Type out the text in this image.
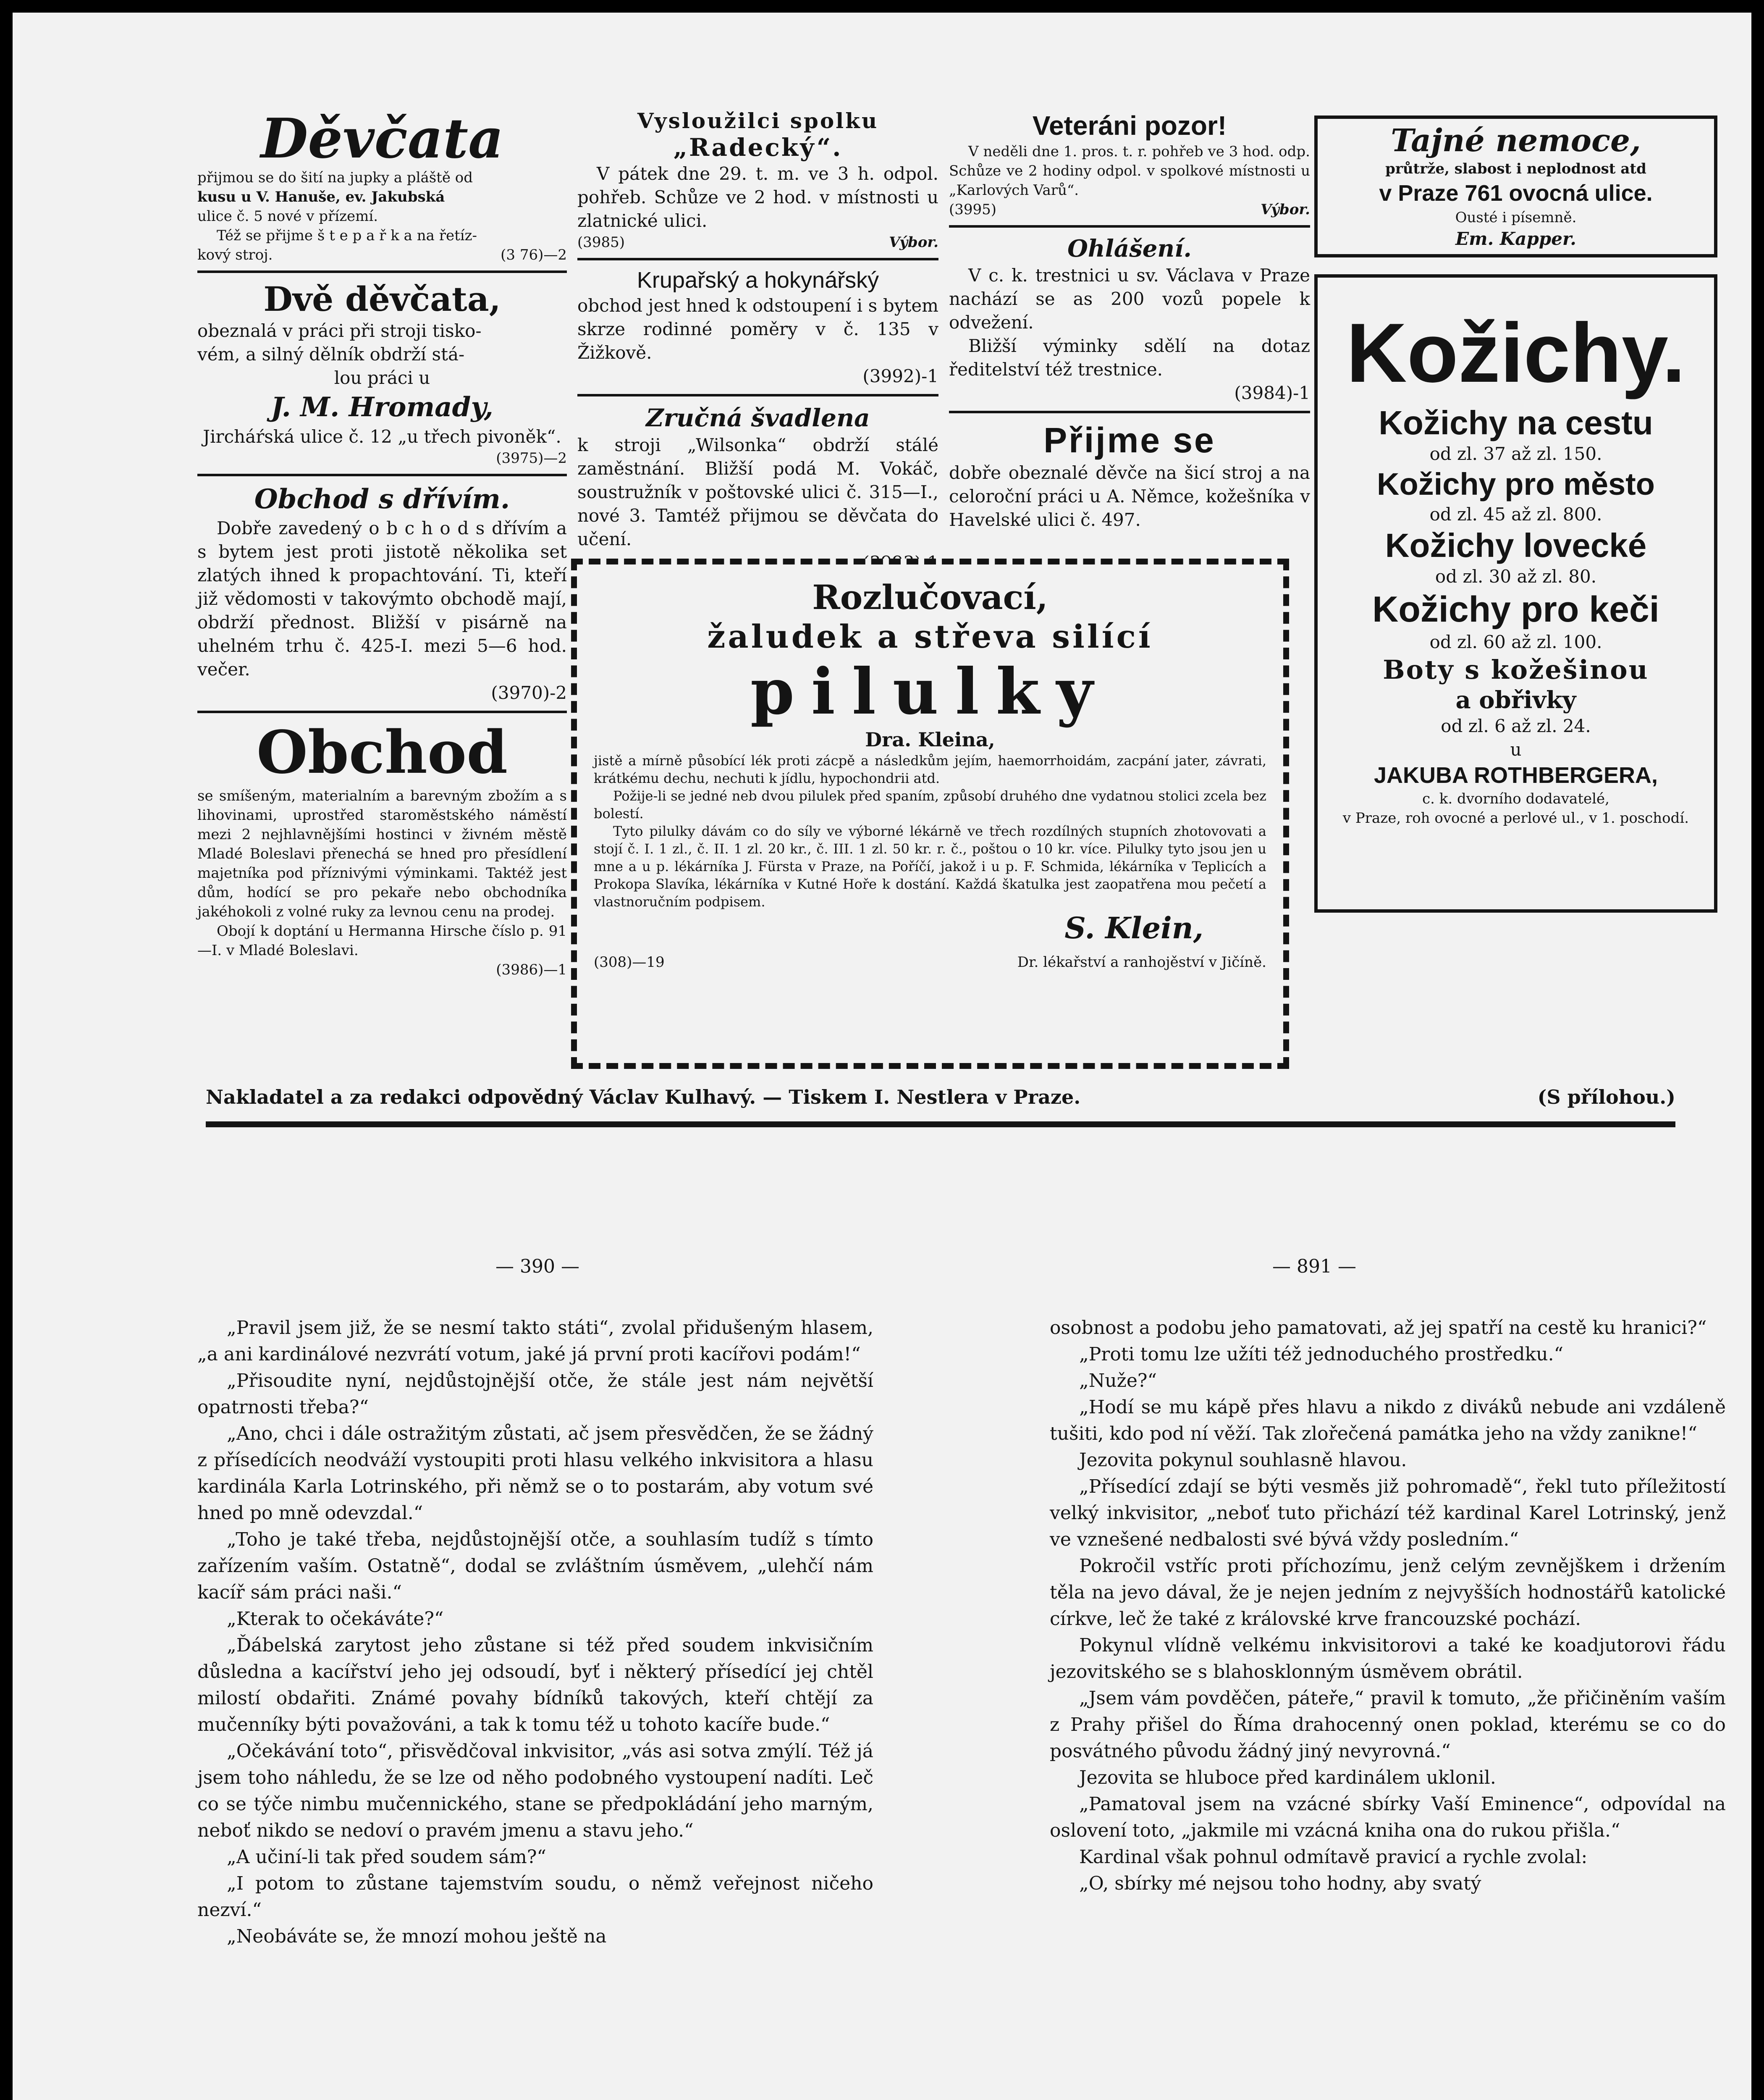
Děvčata

přijmou se do šití na jupky a pláště od

kusu u V. Hanuše, ev. Jakubská

ulice č. 5 nové v přízemí.

Též se přijme š t e p a ř k a na řetíz-

kový stroj.	(3 76)—2

Dvě děvčata,

obeznalá v práci při stroji tisko-

vém, a silný dělník obdrží stá-

lou práci u

J. M. Hromady,

Jircháŕská ulice č. 12 „u třech pivoněk“.

(3975)—2

Obchod s dřívím.

Dobře zavedený o b c h o d s dřívím a s bytem jest proti jistotě několika set zlatých ihned k propachtování. Ti, kteří již vědomosti v takovýmto obchodě mají, obdrží přednost. Bližší v pisárně na uhelném trhu č. 425-I. mezi 5—6 hod. večer.

(3970)-2

Obchod

se smíšeným, materialním a barevným zbožím a s lihovinami, uprostřed staroměstského náměstí mezi 2 nejhlavnějšími hostinci v živném městě Mladé Boleslavi přenechá se hned pro přesídlení majetníka pod příznivými výminkami. Taktéž jest dům, hodící se pro pekaře nebo obchodníka jakéhokoli z volné ruky za levnou cenu na prodej.

Obojí k doptání u Hermanna Hirsche číslo p. 91—I. v Mladé Boleslavi.

(3986)—1

Vysloužilci spolku

„Radecký“.

V pátek dne 29. t. m. ve 3 h. odpol. pohřeb. Schůze ve 2 hod. v místnosti u zlatnické ulici.

(3985)	Výbor.

Krupařský a hokynářský

obchod jest hned k odstoupení i s bytem skrze rodinné poměry v č. 135 v Žižkově.

(3992)-1

Zručná švadlena

k stroji „Wilsonka“ obdrží stálé zaměstnání. Bližší podá M. Vokáč, soustružník v poštovské ulici č. 315—I., nové 3. Tamtéž přijmou se děvčata do učení.

Veteráni pozor!

V neděli dne 1. pros. t. r. pohřeb ve 3 hod. odp. Schůze ve 2 hodiny odpol. v spolkové místnosti u „Karlových Varů“.

(3995)	Výbor.

Ohlášení.

V c. k. trestnici u sv. Václava v Praze nachází se as 200 vozů popele k odvežení.

Bližší výminky sdělí na dotaz ředitelství též trestnice.

(3984)-1

Přijme se

dobře obeznalé děvče na šicí stroj a na celoroční práci u A. Němce, kožešníka v Havelské ulici č. 497.

Tajné nemoce,

průtrže, slabost i neplodnost atd

v Praze 761 ovocná ulice.

Ousté i písemně.

Em. Kapper.

Kožichy.
Kožichy na cestu

od zl. 37 až zl. 150.

Kožichy pro město

od zl. 45 až zl. 800.

Kožichy lovecké

od zl. 30 až zl. 80.

Kožichy pro keči

od zl. 60 až zl. 100.

Boty s kožešinou
a obřivky

od zl. 6 až zl. 24.

u

JAKUBA ROTHBERGERA,

c. k. dvorního dodavatelé,

v Praze, roh ovocné a perlové ul., v 1. poschodí.

Rozlučovací,
žaludek a střeva silící
pilulky
Dra. Kleina,

jistě a mírně působící lék proti zácpě a následkům jejím, haemorrhoidám, zacpání jater, závrati, krátkému dechu, nechuti k jídlu, hypochondrii atd.

Požije-li se jedné neb dvou pilulek před spaním, způsobí druhého dne vydatnou stolici zcela bez bolestí.

Tyto pilulky dávám co do síly ve výborné lékárně ve třech rozdílných stupních zhotovovati a stojí č. I. 1 zl., č. II. 1 zl. 20 kr., č. III. 1 zl. 50 kr. r. č., poštou o 10 kr. více. Pilulky tyto jsou jen u mne a u p. lékárníka J. Fürsta v Praze, na Poříčí, jakož i u p. F. Schmida, lékárníka v Teplicích a Prokopa Slavíka, lékárníka v Kutné Hoře k dostání. Každá škatulka jest zaopatřena mou pečetí a vlastnoručním podpisem.

S. Klein,

(308)—19	Dr. lékařství a ranhojěství v Jičíně.

Nakladatel a za redakci odpovědný Václav Kulhavý. — Tiskem I. Nestlera v Praze.	(S přílohou.)
— 390 —	— 891 —

„Pravil jsem již, že se nesmí takto státi“, zvolal přidušeným hlasem, „a ani kardinálové nezvrátí votum, jaké já první proti kacířovi podám!“

„Přisouditе nyní, nejdůstojnější otče, že stále jest nám největší opatrnosti třeba?“

„Ano, chci i dále ostražitým zůstati, ač jsem přesvědčen, že se žádný z přísedících neodváží vystoupiti proti hlasu velkého inkvisitora a hlasu kardinála Karla Lotrinského, při němž se o to postarám, aby votum své hned po mně odevzdal.“

„Toho je také třeba, nejdůstojnější otče, a souhlasím tudíž s tímto zařízením vaším. Ostatně“, dodal se zvláštním úsměvem, „ulehčí nám kacíř sám práci naši.“

„Kterak to očekáváte?“

„Ďábelská zarytost jeho zůstane si též před soudem inkvisičním důsledna a kacířství jeho jej odsoudí, byť i některý přísedící jej chtěl milostí obdařiti. Známé povahy bídníků takových, kteří chtějí za mučenníky býti považováni, a tak k tomu též u tohoto kacíře bude.“

„Očekávání toto“, přisvědčoval inkvisitor, „vás asi sotva zmýlí. Též já jsem toho náhledu, že se lze od něho podobného vystoupení nadíti. Leč co se týče nimbu mučennického, stane se předpokládání jeho marným, neboť nikdo se nedoví o pravém jmenu a stavu jeho.“

„A učiní-li tak před soudem sám?“

„I potom to zůstane tajemstvím soudu, o němž veřejnost ničeho nezví.“

„Neobáváte se, že mnozí mohou ještě na

osobnost a podobu jeho pamatovati, až jej spatří na cestě ku hranici?“

„Proti tomu lze užíti též jednoduchého prostředku.“

„Nuže?“

„Hodí se mu kápě přes hlavu a nikdo z diváků nebude ani vzdáleně tušiti, kdo pod ní věží. Tak zlořečená památka jeho na vždy zanikne!“

Jezovita pokynul souhlasně hlavou.

„Přísedící zdají se býti vesměs již pohromadě“, řekl tuto příležitostí velký inkvisitor, „neboť tuto přichází též kardinal Karel Lotrinský, jenž ve vznešené nedbalosti své bývá vždy posledním.“

Pokročil vstříc proti příchozímu, jenž celým zevnějškem i držením těla na jevo dával, že je nejen jedním z nejvyšších hodnostářů katolické církve, leč že také z královské krve francouzské pochází.

Pokynul vlídně velkému inkvisitorovi a také ke koadjutorovi řádu jezovitského se s blahosklonným úsměvem obrátil.

„Jsem vám povděčen, páteře,“ pravil k tomuto, „že přičiněním vaším z Prahy přišel do Říma drahocenný onen poklad, kterému se co do posvátného původu žádný jiný nevyrovná.“

Jezovita se hluboce před kardinálem uklonil.

„Pamatoval jsem na vzácné sbírky Vaší Eminence“, odpovídal na oslovení toto, „jakmile mi vzácná kniha ona do rukou přišla.“

Kardinal však pohnul odmítavě pravicí a rychle zvolal:

„O, sbírky mé nejsou toho hodny, aby svatý
